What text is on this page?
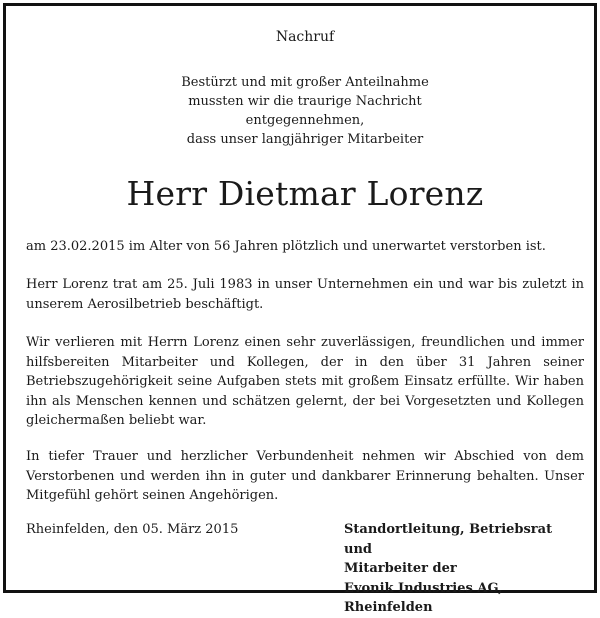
Nachruf
Bestürzt und mit großer Anteilnahme
mussten wir die traurige Nachricht
entgegennehmen,
dass unser langjähriger Mitarbeiter
Herr Dietmar Lorenz

am 23.02.2015 im Alter von 56 Jahren plötzlich und unerwartet verstorben ist.

Herr Lorenz trat am 25. Juli 1983 in unser Unternehmen ein und war bis zuletzt in unserem Aerosilbetrieb beschäftigt.

Wir verlieren mit Herrn Lorenz einen sehr zuverlässigen, freundlichen und immer hilfsbereiten Mitarbeiter und Kollegen, der in den über 31 Jahren seiner Betriebszugehörigkeit seine Aufgaben stets mit großem Einsatz erfüllte. Wir haben ihn als Menschen kennen und schätzen gelernt, der bei Vorgesetzten und Kollegen gleichermaßen beliebt war.

In tiefer Trauer und herzlicher Verbundenheit nehmen wir Abschied von dem Verstorbenen und werden ihn in guter und dankbarer Erinnerung behalten. Unser Mitgefühl gehört seinen Angehörigen.

Rheinfelden, den 05. März 2015	Standortleitung, Betriebsrat und
Mitarbeiter der
Evonik Industries AG, Rheinfelden
